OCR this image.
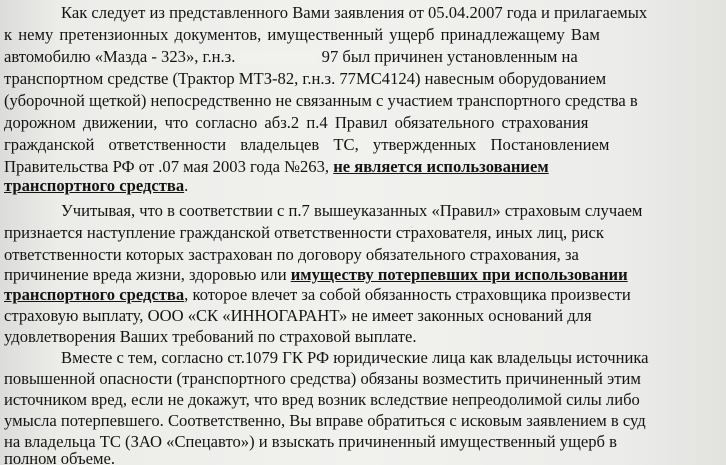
Как следует из представленного Вами заявления от 05.04.2007 года и прилагаемых
к нему претензионных документов, имущественный ущерб принадлежащему Вам
автомобилю «Мазда - 323», г.н.з.	97 был причинен установленным на
транспортном средстве (Трактор МТЗ-82, г.н.з. 77МС4124) навесным оборудованием
(уборочной щеткой) непосредственно не связанным с участием транспортного средства в
дорожном движении, что согласно абз.2 п.4 Правил обязательного страхования
гражданской ответственности владельцев ТС, утвержденных Постановлением
Правительства РФ от .07 мая 2003 года №263, не является использованием
транспортного средства.
Учитывая, что в соответствии с п.7 вышеуказанных «Правил» страховым случаем
признается наступление гражданской ответственности страхователя, иных лиц, риск
ответственности которых застрахован по договору обязательного страхования, за
причинение вреда жизни, здоровью или имуществу потерпевших при использовании
транспортного средства, которое влечет за собой обязанность страховщика произвести
страховую выплату, ООО «СК «ИННОГАРАНТ» не имеет законных оснований для
удовлетворения Ваших требований по страховой выплате.
Вместе с тем, согласно ст.1079 ГК РФ юридические лица как владельцы источника
повышенной опасности (транспортного средства) обязаны возместить причиненный этим
источником вред, если не докажут, что вред возник вследствие непреодолимой силы либо
умысла потерпевшего. Соответственно, Вы вправе обратиться с исковым заявлением в суд
на владельца ТС (ЗАО «Спецавто») и взыскать причиненный имущественный ущерб в
полном объеме.
